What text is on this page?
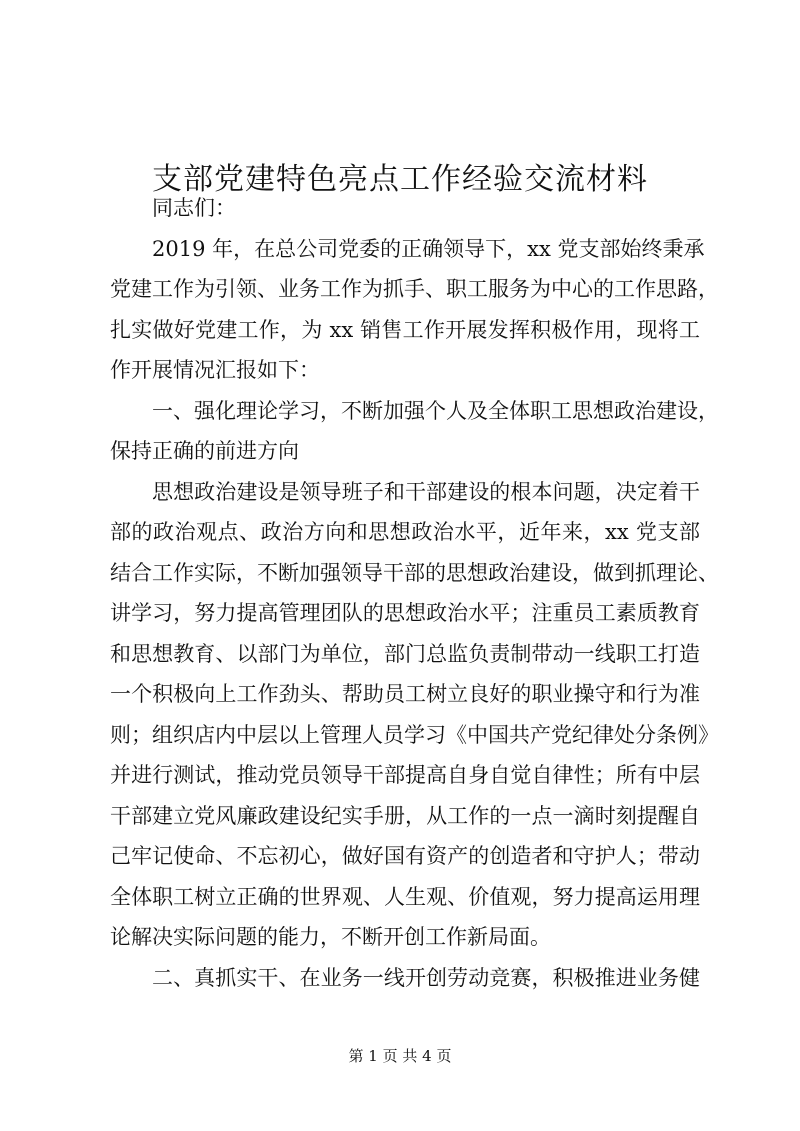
支部党建特色亮点工作经验交流材料

同志们：

2019 年，在总公司党委的正确领导下，xx 党支部始终秉承
党建工作为引领、业务工作为抓手、职工服务为中心的工作思路，
扎实做好党建工作，为 xx 销售工作开展发挥积极作用，现将工
作开展情况汇报如下：

一、强化理论学习，不断加强个人及全体职工思想政治建设，
保持正确的前进方向

思想政治建设是领导班子和干部建设的根本问题，决定着干
部的政治观点、政治方向和思想政治水平，近年来，xx 党支部
结合工作实际，不断加强领导干部的思想政治建设，做到抓理论、
讲学习，努力提高管理团队的思想政治水平；注重员工素质教育
和思想教育、以部门为单位，部门总监负责制带动一线职工打造
一个积极向上工作劲头、帮助员工树立良好的职业操守和行为准
则；组织店内中层以上管理人员学习《中国共产党纪律处分条例》
并进行测试，推动党员领导干部提高自身自觉自律性；所有中层
干部建立党风廉政建设纪实手册，从工作的一点一滴时刻提醒自
己牢记使命、不忘初心，做好国有资产的创造者和守护人；带动
全体职工树立正确的世界观、人生观、价值观，努力提高运用理
论解决实际问题的能力，不断开创工作新局面。

二、真抓实干、在业务一线开创劳动竞赛，积极推进业务健

第 1 页 共 4 页
